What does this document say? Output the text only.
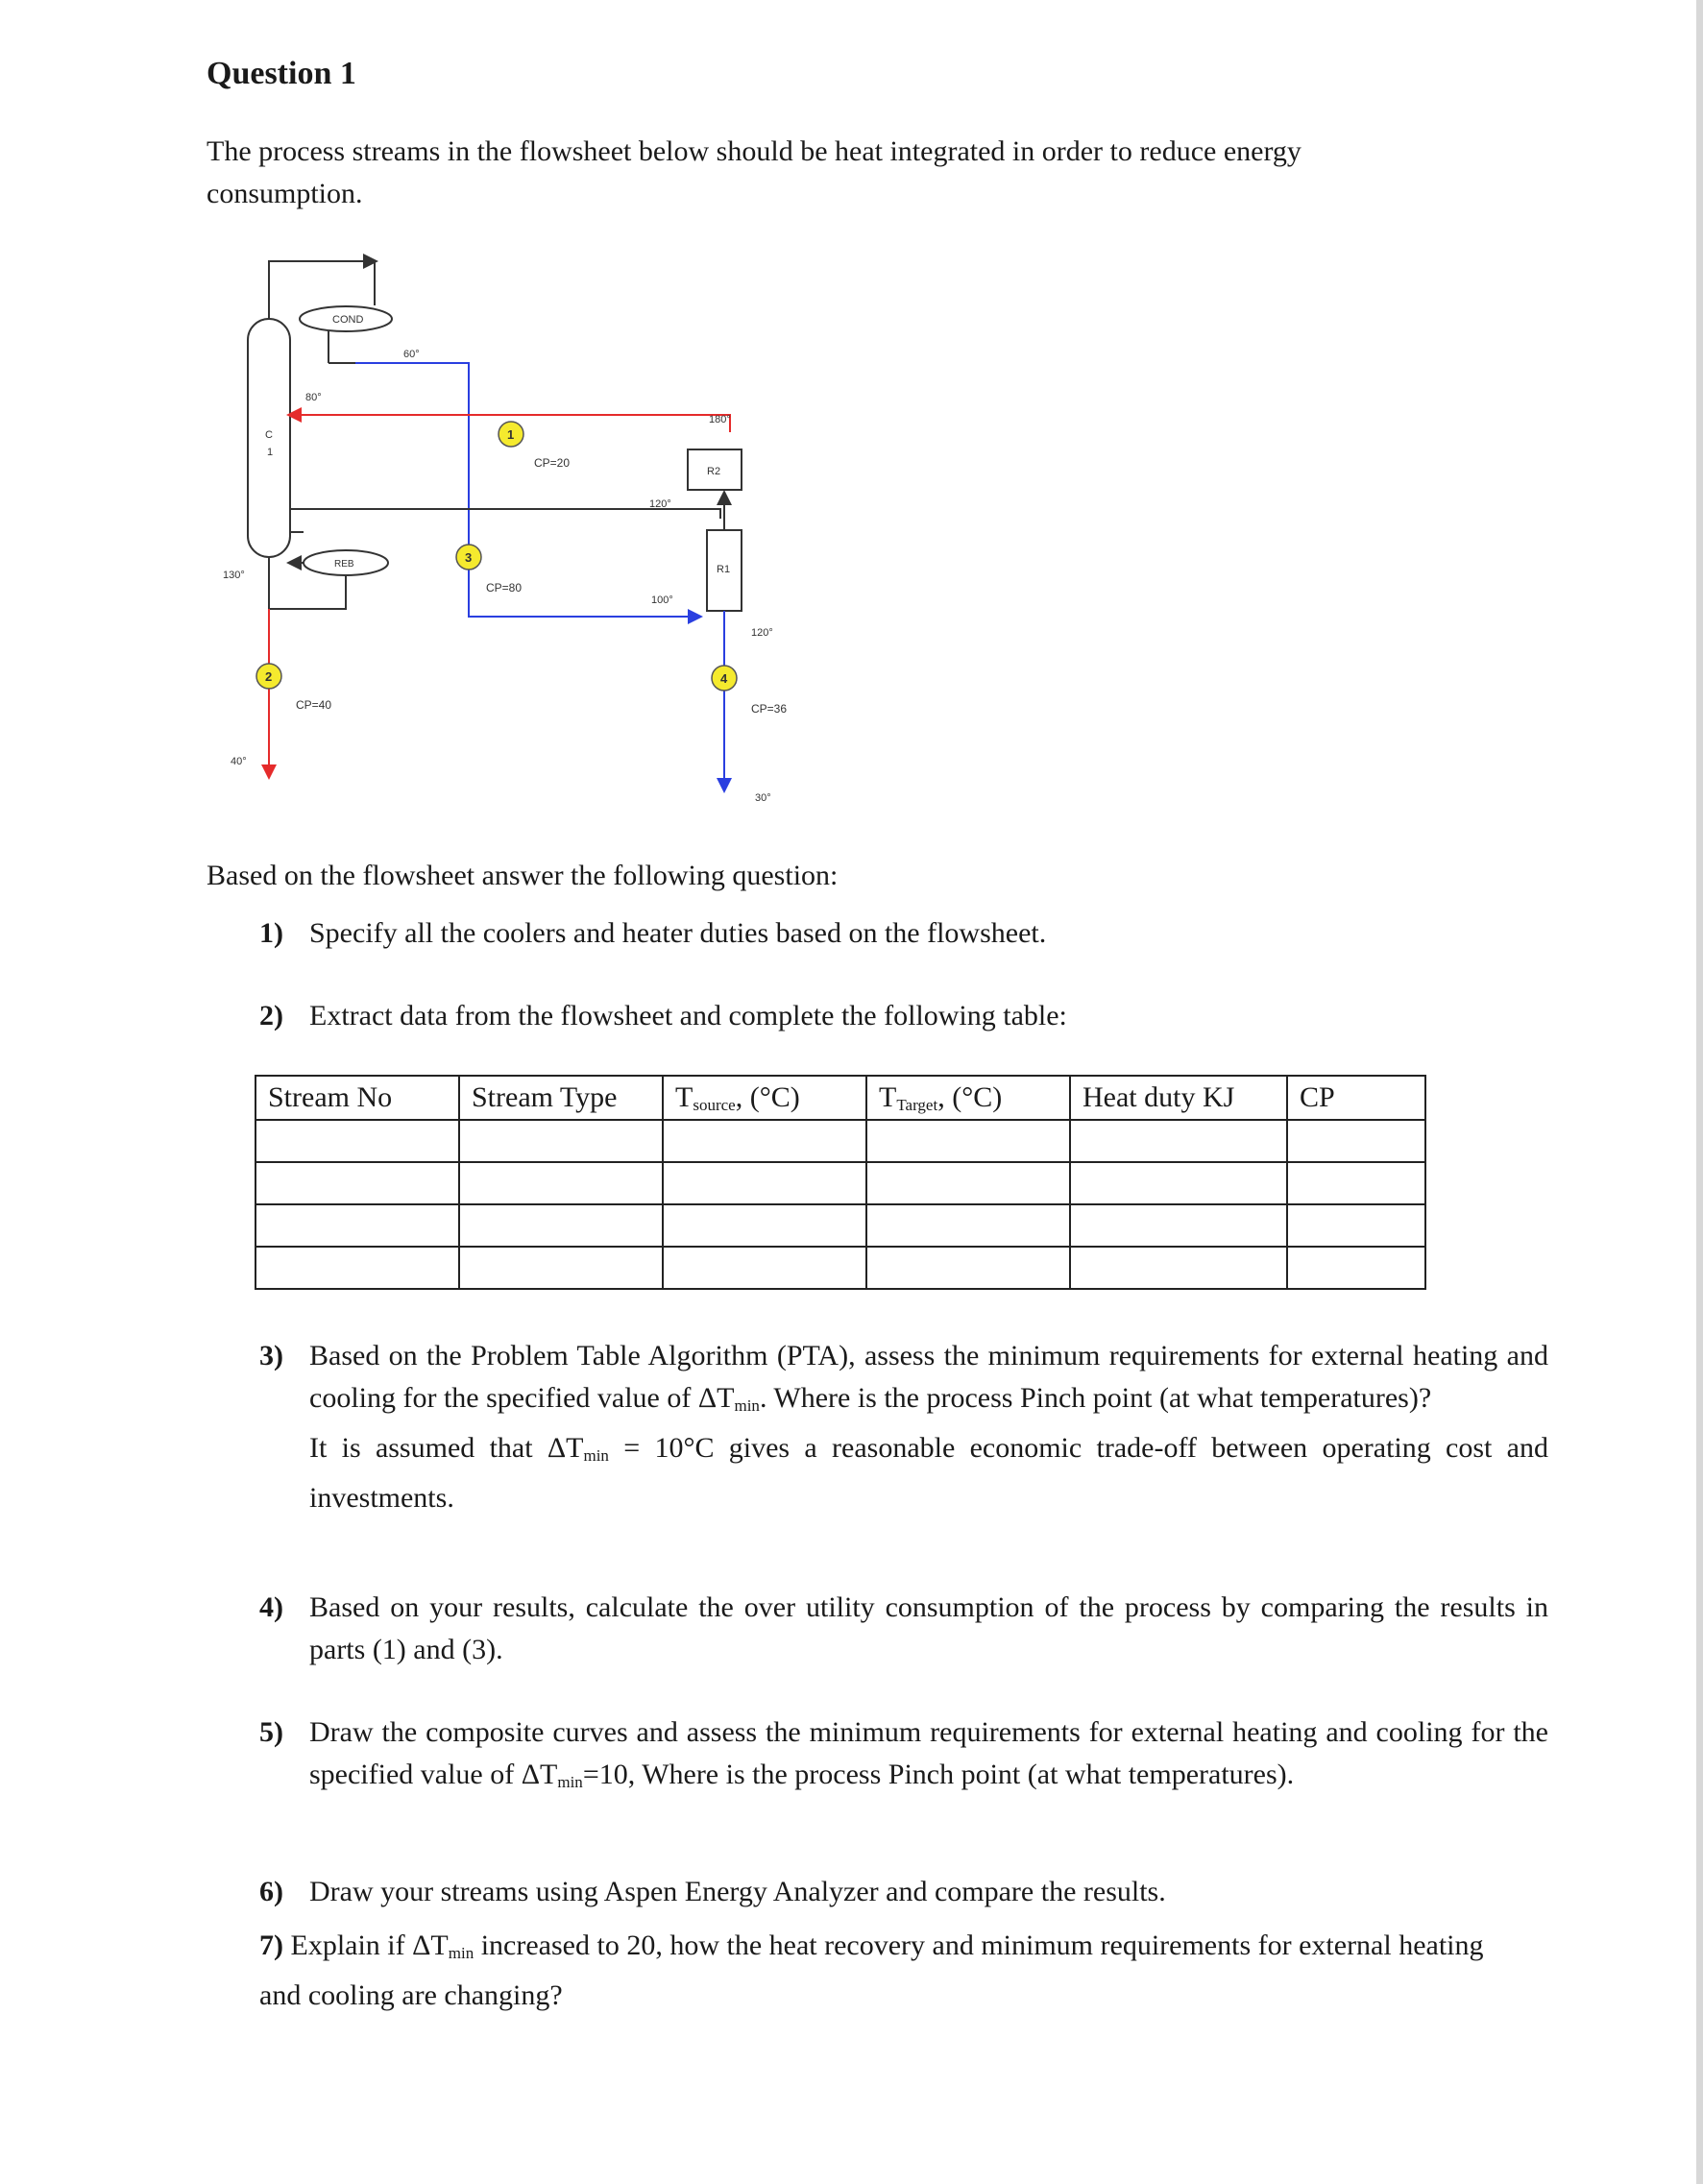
Question 1

The process streams in the flowsheet below should be heat integrated in order to reduce energy consumption.

C
1
COND
60°
80°
180°
R2
R1
120°
REB
130°
100°
40°
120°
30°
CP=20
CP=40
CP=80
CP=36
1
2
3
4
Based on the flowsheet answer the following question:
1) Specify all the coolers and heater duties based on the flowsheet.
2) Extract data from the flowsheet and complete the following table:
Stream No	Stream Type	$T_{source}$, (°C)	$T_{Target}$, (°C)	Heat duty KJ	CP

3) Based on the Problem Table Algorithm (PTA), assess the minimum requirements for external heating and cooling for the specified value of $\Delta T_{min}$. Where is the process Pinch point (at what temperatures)?
It is assumed that $\Delta T_{min} = 10^\circ C$ gives a reasonable economic trade-off between operating cost and investments.
4) Based on your results, calculate the over utility consumption of the process by comparing the results in parts (1) and (3).
5) Draw the composite curves and assess the minimum requirements for external heating and cooling for the specified value of $\Delta T_{min}=10$, Where is the process Pinch point (at what temperatures).
6) Draw your streams using Aspen Energy Analyzer and compare the results.
7) Explain if $\Delta T_{min}$ increased to 20, how the heat recovery and minimum requirements for external heating and cooling are changing?
